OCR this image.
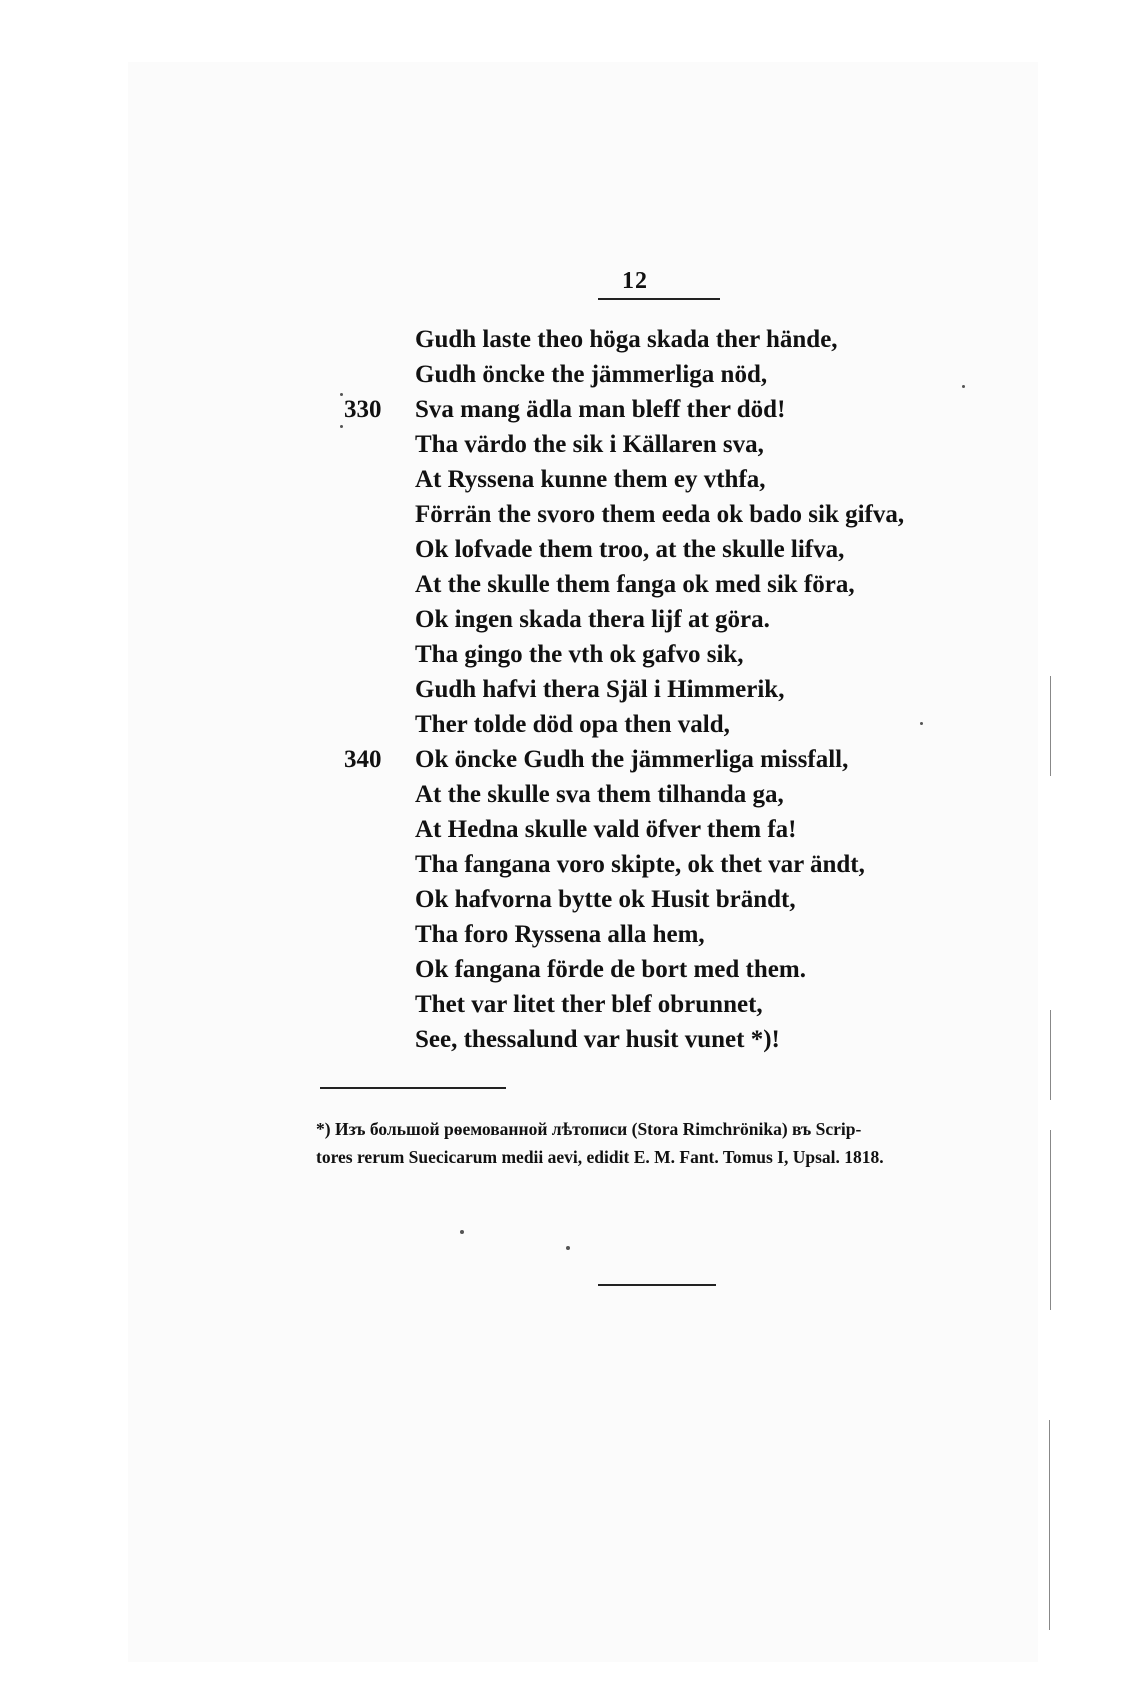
12
Gudh laste theo höga skada ther hände,
Gudh öncke the jämmerliga nöd,
330 Sva mang ädla man bleff ther död!
Tha värdo the sik i Källaren sva,
At Ryssena kunne them ey vthfa,
Förrän the svoro them eeda ok bado sik gifva,
Ok lofvade them troo, at the skulle lifva,
At the skulle them fanga ok med sik föra,
Ok ingen skada thera lijf at göra.
Tha gingo the vth ok gafvo sik,
Gudh hafvi thera Själ i Himmerik,
Ther tolde död opa then vald,
340 Ok öncke Gudh the jämmerliga missfall,
At the skulle sva them tilhanda ga,
At Hedna skulle vald öfver them fa!
Tha fangana voro skipte, ok thet var ändt,
Ok hafvorna bytte ok Husit brändt,
Tha foro Ryssena alla hem,
Ok fangana förde de bort med them.
Thet var litet ther blef obrunnet,
See, thessalund var husit vunet *)!
*) Изъ большой рѳемованной лѣтописи (Stora Rimchrönika) въ Scrip-
tores rerum Suecicarum medii aevi, edidit E. M. Fant. Tomus I, Upsal. 1818.
